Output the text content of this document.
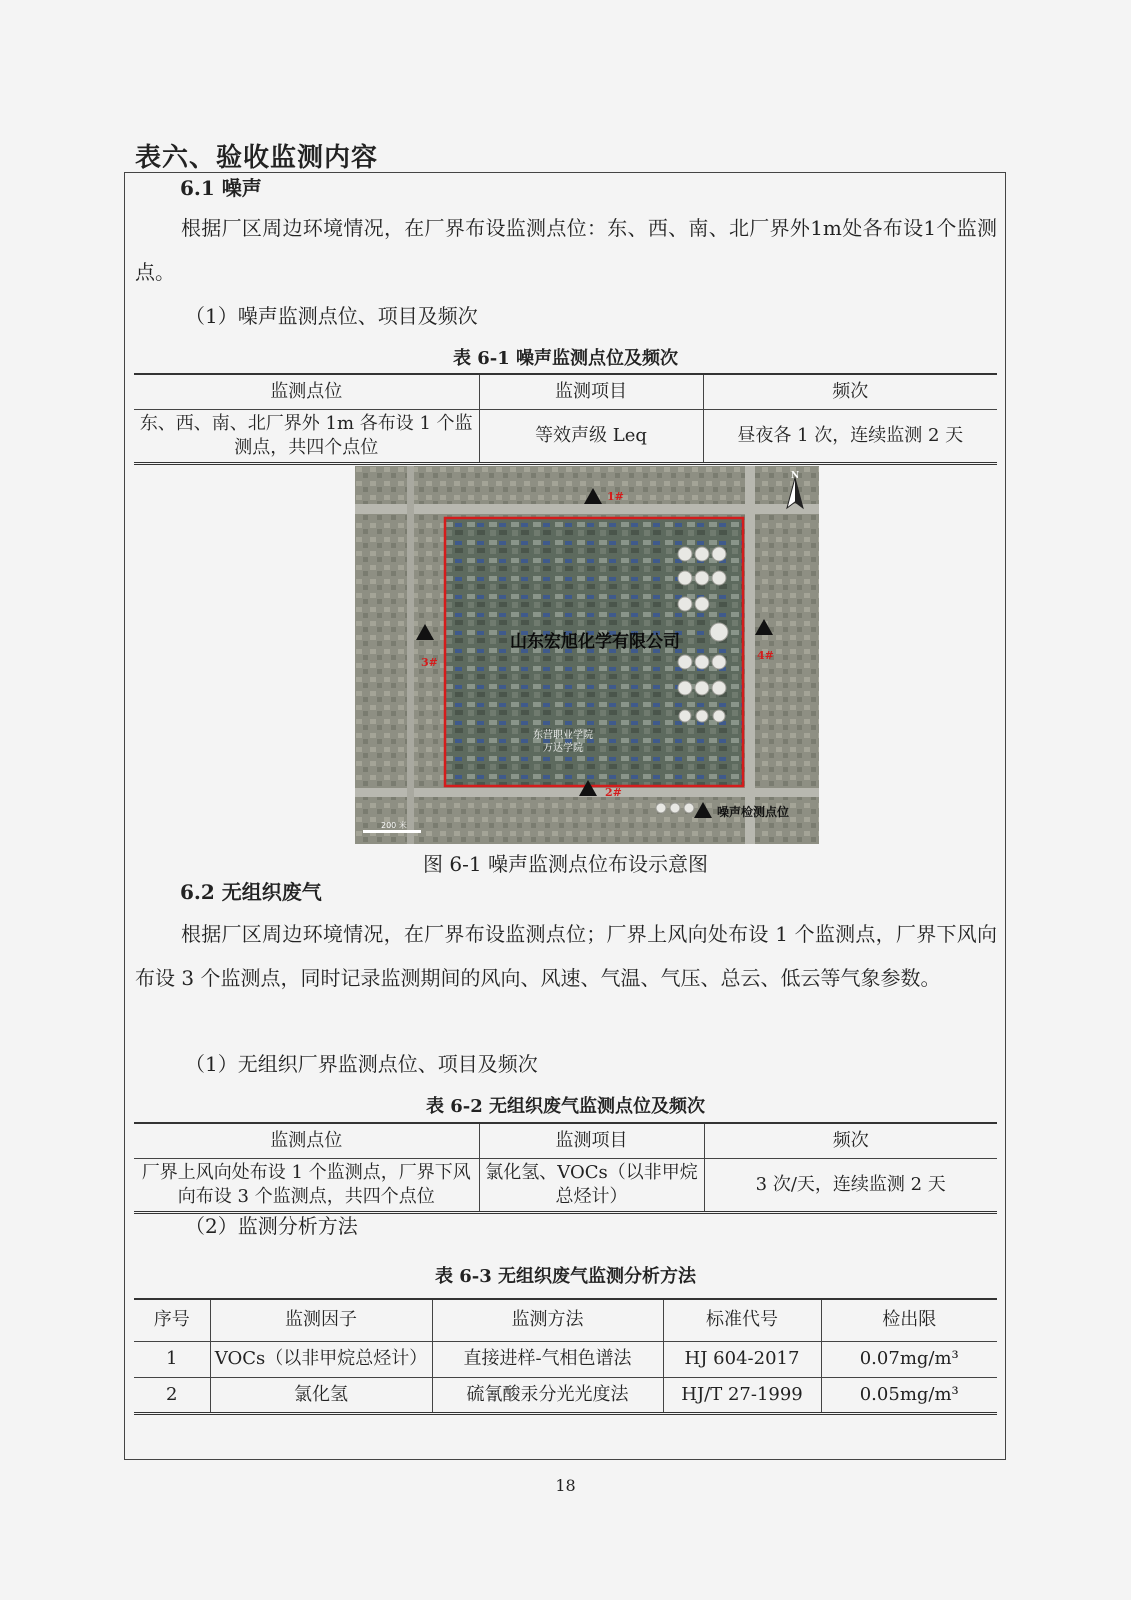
表六、验收监测内容
6.1 噪声
根据厂区周边环境情况，在厂界布设监测点位：东、西、南、北厂界外1m处各布设1个监测点。
（1）噪声监测点位、项目及频次
表 6-1 噪声监测点位及频次
监测点位	监测项目	频次
东、西、南、北厂界外 1m 各布设 1 个监测点，共四个点位	等效声级 Leq	昼夜各 1 次，连续监测 2 天
山东宏旭化学有限公司
东营职业学院
万达学院
1#
3#
4#
2#
噪声检测点位
200 米
N
图 6-1 噪声监测点位布设示意图
6.2 无组织废气
根据厂区周边环境情况，在厂界布设监测点位；厂界上风向处布设 1 个监测点，厂界下风向布设 3 个监测点，同时记录监测期间的风向、风速、气温、气压、总云、低云等气象参数。
（1）无组织厂界监测点位、项目及频次
表 6-2 无组织废气监测点位及频次
监测点位	监测项目	频次
厂界上风向处布设 1 个监测点，厂界下风向布设 3 个监测点，共四个点位	氯化氢、VOCs（以非甲烷总烃计）	3 次/天，连续监测 2 天
（2）监测分析方法
表 6-3 无组织废气监测分析方法
序号	监测因子	监测方法	标准代号	检出限
1	VOCs（以非甲烷总烃计）	直接进样-气相色谱法	HJ 604-2017	0.07mg/m³
2	氯化氢	硫氰酸汞分光光度法	HJ/T 27-1999	0.05mg/m³
18
